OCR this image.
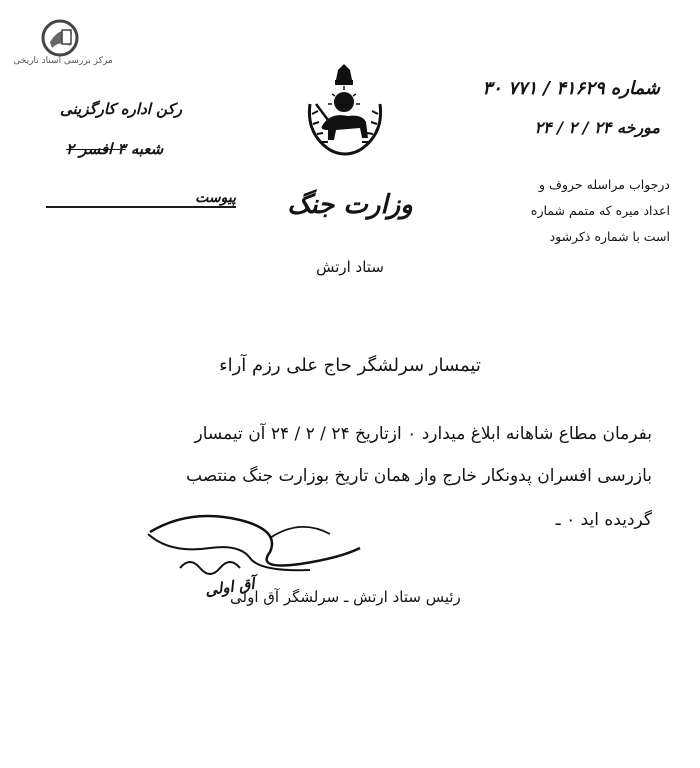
مرکز بررسی اسناد تاریخی
شماره ۴۱۶۲۹ / ۷۷۱ ۳۰
مورخه ۲۴ / ۲ / ۲۴
درجواب مراسله حروف و
اعداد میره که متمم شماره
است با شماره ذکرشود
رکن اداره کارگزینی
شعبه ۳ افسر ۲
پیوست	وزارت جنگ
ستاد ارتش
تیمسار سرلشگر حاج علی رزم آراء
بفرمان مطاع شاهانه ابلاغ میدارد ۰ ازتاریخ ۲۴ / ۲ / ۲۴ آن تیمسار
بازرسی افسران پدونکار خارج واز همان تاریخ بوزارت جنگ منتصب
گردیده اید ۰ ـ
آق اولی
رئیس ستاد ارتش ـ سرلشگر آق اولی
